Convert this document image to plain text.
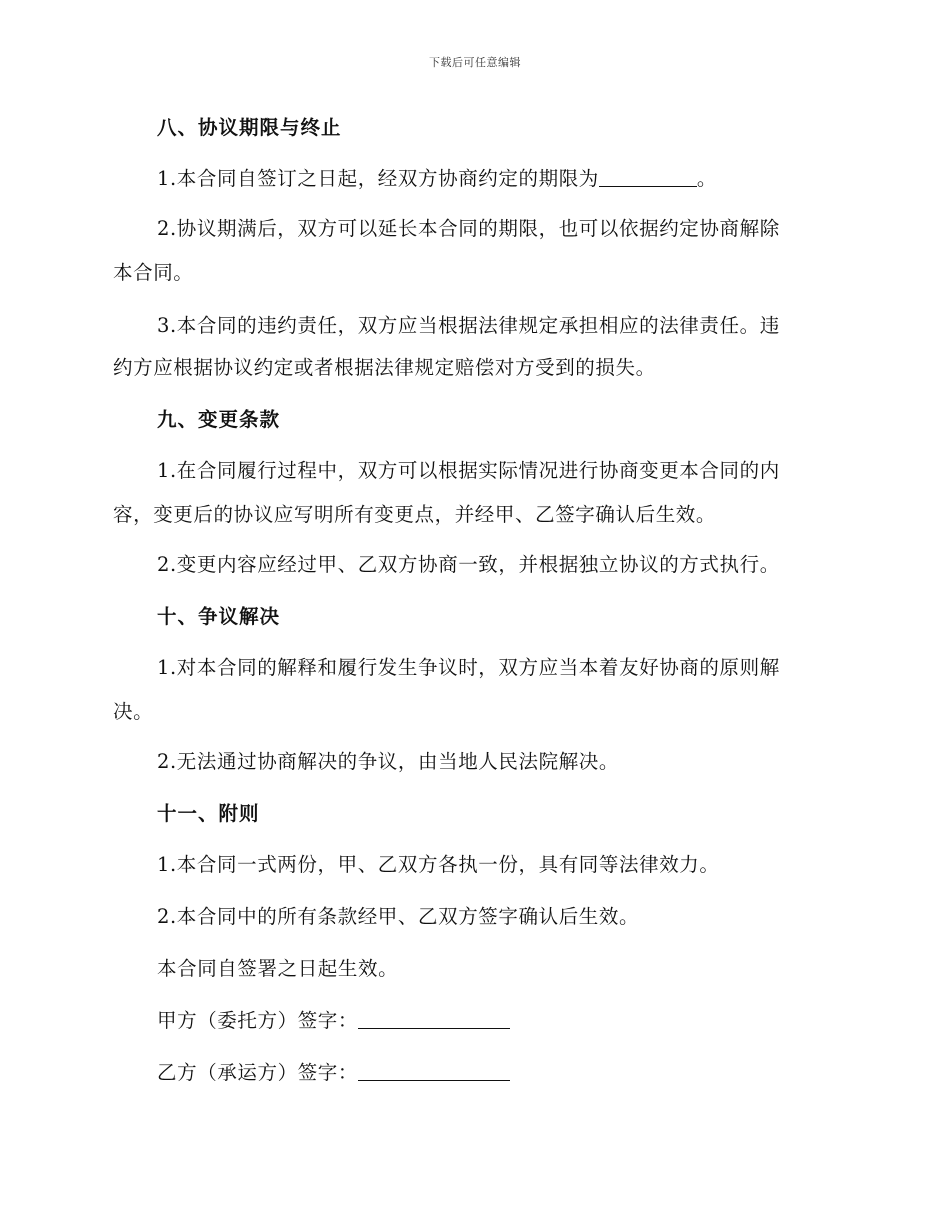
下载后可任意编辑
八、协议期限与终止
1.本合同自签订之日起，经双方协商约定的期限为	。
2.协议期满后，双方可以延长本合同的期限，也可以依据约定协商解除
本合同。
3.本合同的违约责任，双方应当根据法律规定承担相应的法律责任。违
约方应根据协议约定或者根据法律规定赔偿对方受到的损失。
九、变更条款
1.在合同履行过程中，双方可以根据实际情况进行协商变更本合同的内
容，变更后的协议应写明所有变更点，并经甲、乙签字确认后生效。
2.变更内容应经过甲、乙双方协商一致，并根据独立协议的方式执行。
十、争议解决
1.对本合同的解释和履行发生争议时，双方应当本着友好协商的原则解
决。
2.无法通过协商解决的争议，由当地人民法院解决。
十一、附则
1.本合同一式两份，甲、乙双方各执一份，具有同等法律效力。
2.本合同中的所有条款经甲、乙双方签字确认后生效。
本合同自签署之日起生效。
甲方（委托方）签字：
乙方（承运方）签字：
